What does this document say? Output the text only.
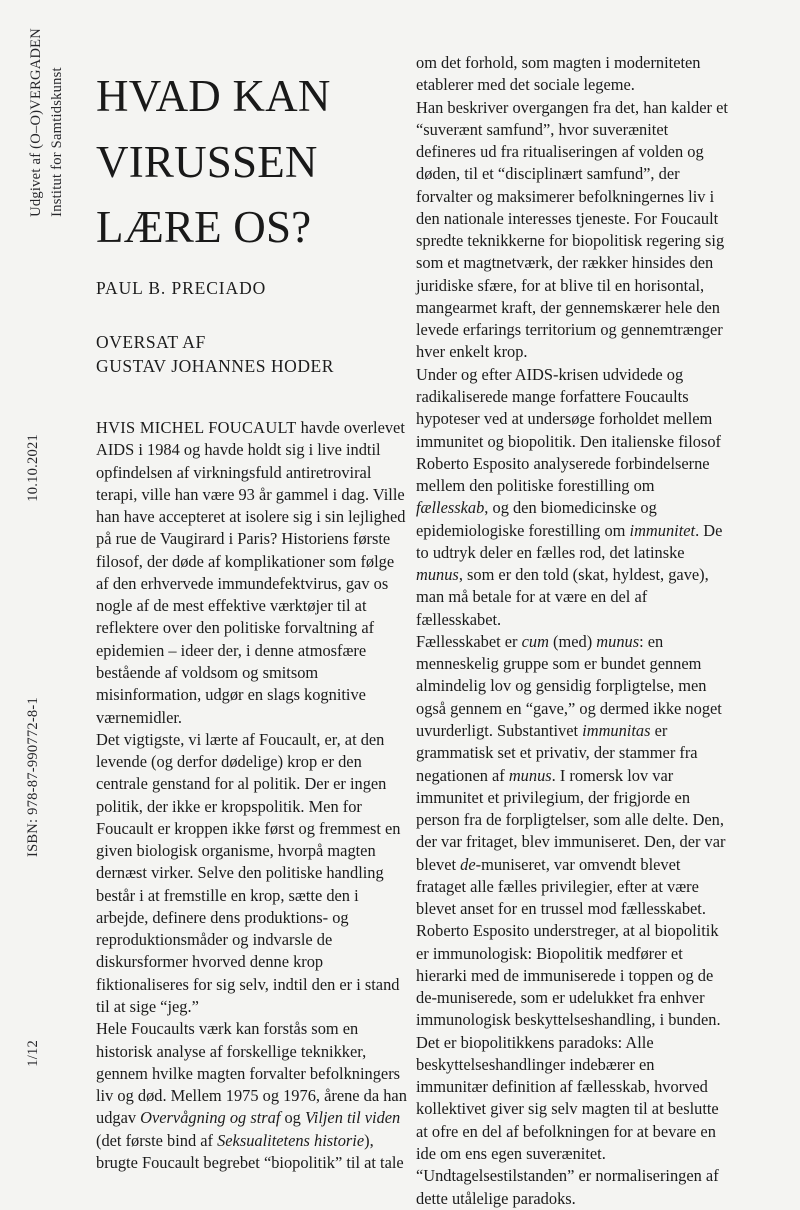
Udgivet af (O–O)VERGADEN Institut for Samtidskunst
10.10.2021
ISBN: 978-87-990772-8-1
1/12
HVAD KAN
VIRUSSEN
LÆRE OS?
PAUL B. PRECIADO
OVERSAT AF
GUSTAV JOHANNES HODER

HVIS MICHEL FOUCAULT havde overlevet AIDS i 1984 og havde holdt sig i live indtil opfindelsen af virkningsfuld antiretroviral terapi, ville han være 93 år gammel i dag. Ville han have accepteret at isolere sig i sin lejlighed på rue de Vaugirard i Paris? Historiens første filosof, der døde af komplikationer som følge af den erhvervede immundefektvirus, gav os nogle af de mest effektive værktøjer til at reflektere over den politiske forvaltning af epidemien – ideer der, i denne atmosfære bestående af voldsom og smitsom misinformation, udgør en slags kognitive værnemidler.

Det vigtigste, vi lærte af Foucault, er, at den levende (og derfor dødelige) krop er den centrale genstand for al politik. Der er ingen politik, der ikke er kropspolitik. Men for Foucault er kroppen ikke først og fremmest en given biologisk organisme, hvorpå magten dernæst virker. Selve den politiske handling består i at fremstille en krop, sætte den i arbejde, definere dens produktions- og reproduktionsmåder og indvarsle de diskursformer hvorved denne krop fiktionaliseres for sig selv, indtil den er i stand til at sige “jeg.”

Hele Foucaults værk kan forstås som en historisk analyse af forskellige teknikker, gennem hvilke magten forvalter befolkningers liv og død. Mellem 1975 og 1976, årene da han udgav Overvågning og straf og Viljen til viden (det første bind af Seksualitetens historie), brugte Foucault begrebet “biopolitik” til at tale

om det forhold, som magten i moderniteten etablerer med det sociale legeme.

Han beskriver overgangen fra det, han kalder et “suverænt samfund”, hvor suverænitet defineres ud fra ritualiseringen af volden og døden, til et “disciplinært samfund”, der forvalter og maksimerer befolkningernes liv i den nationale interesses tjeneste. For Foucault spredte teknikkerne for biopolitisk regering sig som et magtnetværk, der rækker hinsides den juridiske sfære, for at blive til en horisontal, mangearmet kraft, der gennemskærer hele den levede erfarings territorium og gennemtrænger hver enkelt krop.

Under og efter AIDS-krisen udvidede og radikaliserede mange forfattere Foucaults hypoteser ved at undersøge forholdet mellem immunitet og biopolitik. Den italienske filosof Roberto Esposito analyserede forbindelserne mellem den politiske forestilling om fællesskab, og den biomedicinske og epidemiologiske forestilling om immunitet. De to udtryk deler en fælles rod, det latinske munus, som er den told (skat, hyldest, gave), man må betale for at være en del af fællesskabet.

Fællesskabet er cum (med) munus: en menneskelig gruppe som er bundet gennem almindelig lov og gensidig forpligtelse, men også gennem en “gave,” og dermed ikke noget uvurderligt. Substantivet immunitas er grammatisk set et privativ, der stammer fra negationen af munus. I romersk lov var immunitet et privilegium, der frigjorde en person fra de forpligtelser, som alle delte. Den, der var fritaget, blev immuniseret. Den, der var blevet de-muniseret, var omvendt blevet frataget alle fælles privilegier, efter at være blevet anset for en trussel mod fællesskabet.

Roberto Esposito understreger, at al biopolitik er immunologisk: Biopolitik medfører et hierarki med de immuniserede i toppen og de de-muniserede, som er udelukket fra enhver immunologisk beskyttelseshandling, i bunden. Det er biopolitikkens paradoks: Alle beskyttelseshandlinger indebærer en immunitær definition af fællesskab, hvorved kollektivet giver sig selv magten til at beslutte at ofre en del af befolkningen for at bevare en ide om ens egen suverænitet. “Undtagelsestilstanden” er normaliseringen af dette utålelige paradoks.
